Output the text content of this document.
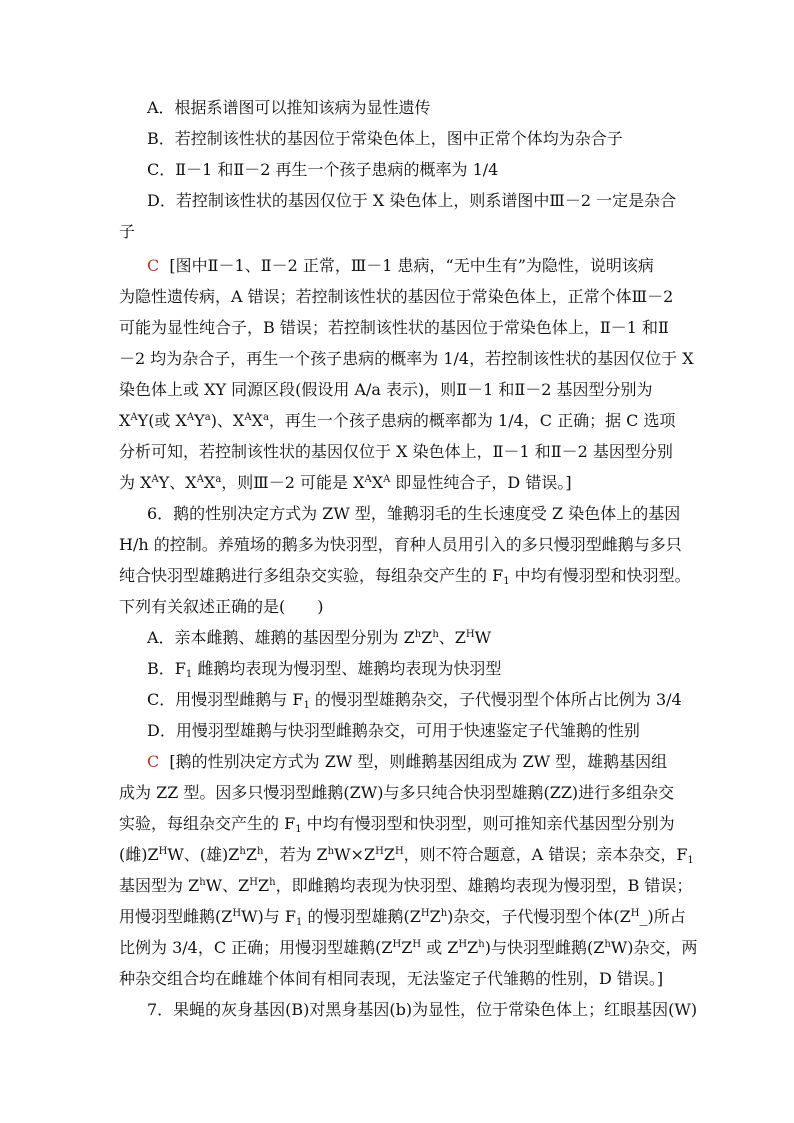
A．根据系谱图可以推知该病为显性遗传
B．若控制该性状的基因位于常染色体上，图中正常个体均为杂合子
C．Ⅱ－1 和Ⅱ－2 再生一个孩子患病的概率为 1/4
D．若控制该性状的基因仅位于 X 染色体上，则系谱图中Ⅲ－2 一定是杂合
子
C [图中Ⅱ－1、Ⅱ－2 正常，Ⅲ－1 患病，“无中生有”为隐性，说明该病
为隐性遗传病，A 错误；若控制该性状的基因位于常染色体上，正常个体Ⅲ－2
可能为显性纯合子，B 错误；若控制该性状的基因位于常染色体上，Ⅱ－1 和Ⅱ
－2 均为杂合子，再生一个孩子患病的概率为 1/4，若控制该性状的基因仅位于 X
染色体上或 XY 同源区段(假设用 A/a 表示)，则Ⅱ－1 和Ⅱ－2 基因型分别为
$X^AY$(或 $X^AY^a$)、$X^AX^a$，再生一个孩子患病的概率都为 1/4，C 正确；据 C 选项
分析可知，若控制该性状的基因仅位于 X 染色体上，Ⅱ－1 和Ⅱ－2 基因型分别
为 $X^AY$、$X^AX^a$，则Ⅲ－2 可能是 $X^AX^A$ 即显性纯合子，D 错误。]
6．鹅的性别决定方式为 ZW 型，雏鹅羽毛的生长速度受 Z 染色体上的基因
H/h 的控制。养殖场的鹅多为快羽型，育种人员用引入的多只慢羽型雌鹅与多只
纯合快羽型雄鹅进行多组杂交实验，每组杂交产生的 $F_1$ 中均有慢羽型和快羽型。
下列有关叙述正确的是(　　)
A．亲本雌鹅、雄鹅的基因型分别为 $Z^hZ^h$、$Z^HW$
B．$F_1$ 雌鹅均表现为慢羽型、雄鹅均表现为快羽型
C．用慢羽型雌鹅与 $F_1$ 的慢羽型雄鹅杂交，子代慢羽型个体所占比例为 3/4
D．用慢羽型雄鹅与快羽型雌鹅杂交，可用于快速鉴定子代雏鹅的性别
C [鹅的性别决定方式为 ZW 型，则雌鹅基因组成为 ZW 型，雄鹅基因组
成为 ZZ 型。因多只慢羽型雌鹅(ZW)与多只纯合快羽型雄鹅(ZZ)进行多组杂交
实验，每组杂交产生的 $F_1$ 中均有慢羽型和快羽型，则可推知亲代基因型分别为
(雌)$Z^HW$、(雄)$Z^hZ^h$，若为 $Z^hW\times Z^HZ^H$，则不符合题意，A 错误；亲本杂交，$F_1$
基因型为 $Z^hW$、$Z^HZ^h$，即雌鹅均表现为快羽型、雄鹅均表现为慢羽型，B 错误；
用慢羽型雌鹅$(Z^HW)$与 $F_1$ 的慢羽型雄鹅$(Z^HZ^h)$杂交，子代慢羽型个体$(Z^H\_)$所占
比例为 3/4，C 正确；用慢羽型雄鹅($Z^HZ^H$ 或 $Z^HZ^h$)与快羽型雌鹅$(Z^hW)$杂交，两
种杂交组合均在雌雄个体间有相同表现，无法鉴定子代雏鹅的性别，D 错误。]
7．果蝇的灰身基因(B)对黑身基因(b)为显性，位于常染色体上；红眼基因(W)
